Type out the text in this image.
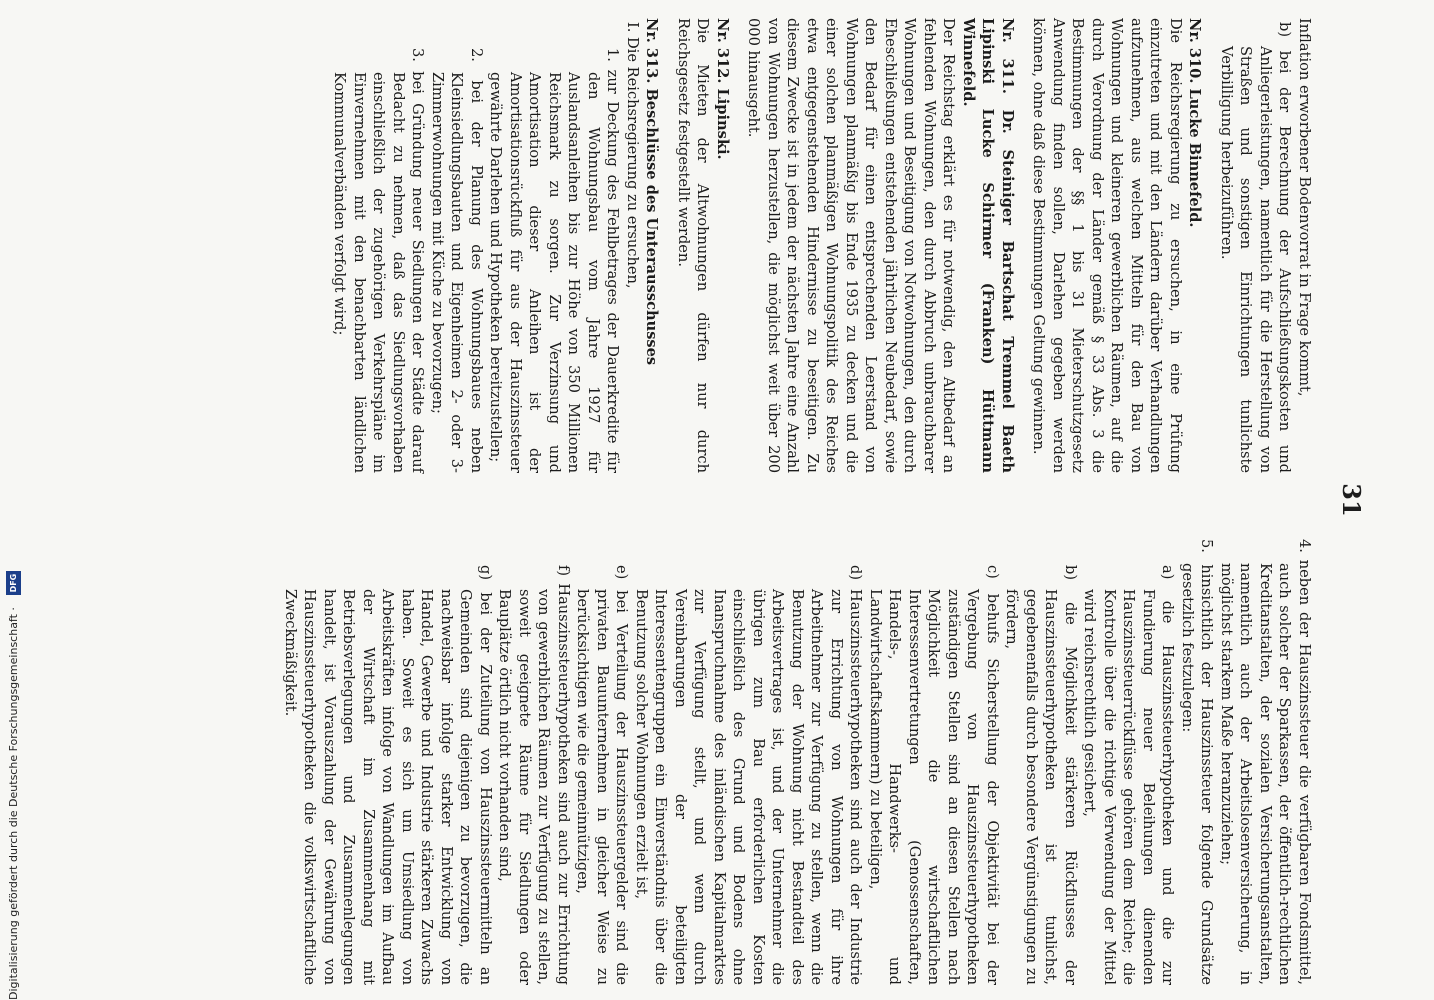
31

Inflation erworbener Bodenvorrat in Frage kommt,

b) bei der Berechnung der Aufschließungskosten und Anliegerleistungen, namentlich für die Herstellung von Straßen und sonstigen Einrichtungen tunlichste Verbilligung herbeizuführen.

Nr. 310. Lucke Binnefeld.

Die Reichsregierung zu ersuchen, in eine Prüfung einzutreten und mit den Ländern darüber Verhandlungen aufzunehmen, aus welchen Mitteln für den Bau von Wohnungen und kleineren gewerblichen Räumen, auf die durch Verordnung der Länder gemäß § 33 Abs. 3 die Bestimmungen der §§ 1 bis 31 Mieterschutzgesetz Anwendung finden sollen, Darlehen gegeben werden können, ohne daß diese Bestimmungen Geltung gewinnen.

Nr. 311. Dr. Steiniger Bartschat Tremmel Baeth Lipinski Lucke Schirmer (Franken) Hüttmann Winnefeld.

Der Reichstag erklärt es für notwendig, den Altbedarf an fehlenden Wohnungen, den durch Abbruch unbrauchbarer Wohnungen und Beseitigung von Notwohnungen, den durch Eheschließungen entstehenden jährlichen Neubedarf, sowie den Bedarf für einen entsprechenden Leerstand von Wohnungen planmäßig bis Ende 1935 zu decken und die einer solchen planmäßigen Wohnungspolitik des Reiches etwa entgegenstehenden Hindernisse zu beseitigen. Zu diesem Zwecke ist in jedem der nächsten Jahre eine Anzahl von Wohnungen herzustellen, die möglichst weit über 200 000 hinausgeht.

Nr. 312. Lipinski.

Die Mieten der Altwohnungen dürfen nur durch Reichsgesetz festgestellt werden.

Nr. 313. Beschlüsse des Unterausschusses

I. Die Reichsregierung zu ersuchen,

1. zur Deckung des Fehlbetrages der Dauerkredite für den Wohnungsbau vom Jahre 1927 für Auslandsanleihen bis zur Höhe von 350 Millionen Reichsmark zu sorgen. Zur Verzinsung und Amortisation dieser Anleihen ist der Amortisationsrückfluß für aus der Hauszinssteuer gewährte Darlehen und Hypotheken bereitzustellen;

2. bei der Planung des Wohnungsbaues neben Kleinsiedlungsbauten und Eigenheimen 2- oder 3-Zimmerwohnungen mit Küche zu bevorzugen;

3. bei Gründung neuer Siedlungen der Städte darauf Bedacht zu nehmen, daß das Siedlungsvorhaben einschließlich der zugehörigen Verkehrspläne im Einvernehmen mit den benachbarten ländlichen Kommunalverbänden verfolgt wird;

4. neben der Hauszinssteuer die verfügbaren Fondsmittel, auch solcher der Sparkassen, der öffentlich-rechtlichen Kreditanstalten, der sozialen Versicherungsanstalten, namentlich auch der Arbeitslosenversicherung, in möglichst starkem Maße heranzuziehen;

5. hinsichtlich der Hauszinssteuer folgende Grundsätze gesetzlich festzulegen:

a) die Hauszinssteuerhypotheken und die zur Fundierung neuer Beleihungen dienenden Hauszinssteuerrückflüsse gehören dem Reiche; die Kontrolle über die richtige Verwendung der Mittel wird reichsrechtlich gesichert,

b) die Möglichkeit stärkeren Rückflusses der Hauszinssteuerhypotheken ist tunlichst, gegebenenfalls durch besondere Vergünstigungen zu fördern,

c) behufs Sicherstellung der Objektivität bei der Vergebung von Hauszinssteuerhypotheken zuständigen Stellen sind an diesen Stellen nach Möglichkeit die wirtschaftlichen Interessenvertretungen (Genossenschaften, Handels-, Handwerks- und Landwirtschaftskammern) zu beteiligen,

d) Hauszinssteuerhypotheken sind auch der Industrie zur Errichtung von Wohnungen für ihre Arbeitnehmer zur Verfügung zu stellen, wenn die Benutzung der Wohnung nicht Bestandteil des Arbeitsvertrages ist, und der Unternehmer die übrigen zum Bau erforderlichen Kosten einschließlich des Grund und Bodens ohne Inanspruchnahme des inländischen Kapitalmarktes zur Verfügung stellt, und wenn durch Vereinbarungen der beteiligten Interessentengruppen ein Einverständnis über die Benutzung solcher Wohnungen erzielt ist,

e) bei Verteilung der Hauszinssteuergelder sind die privaten Bauunternehmen in gleicher Weise zu berücksichtigen wie die gemeinnützigen,

f) Hauszinssteuerhypotheken sind auch zur Errichtung von gewerblichen Räumen zur Verfügung zu stellen, soweit geeignete Räume für Siedlungen oder Bauplätze örtlich nicht vorhanden sind,

g) bei der Zuteilung von Hauszinssteuermitteln an Gemeinden sind diejenigen zu bevorzugen, die nachweisbar infolge starker Entwicklung von Handel, Gewerbe und Industrie stärkeren Zuwachs haben. Soweit es sich um Umsiedlung von Arbeitskräften infolge von Wandlungen im Aufbau der Wirtschaft im Zusammenhang mit Betriebsverlegungen und Zusammenlegungen handelt, ist Vorauszahlung der Gewährung von Hauszinssteuerhypotheken die volkswirtschaftliche Zweckmäßigkeit.

Digitalisierung gefördert durch die Deutsche Forschungsgemeinschaft ·
DFG
